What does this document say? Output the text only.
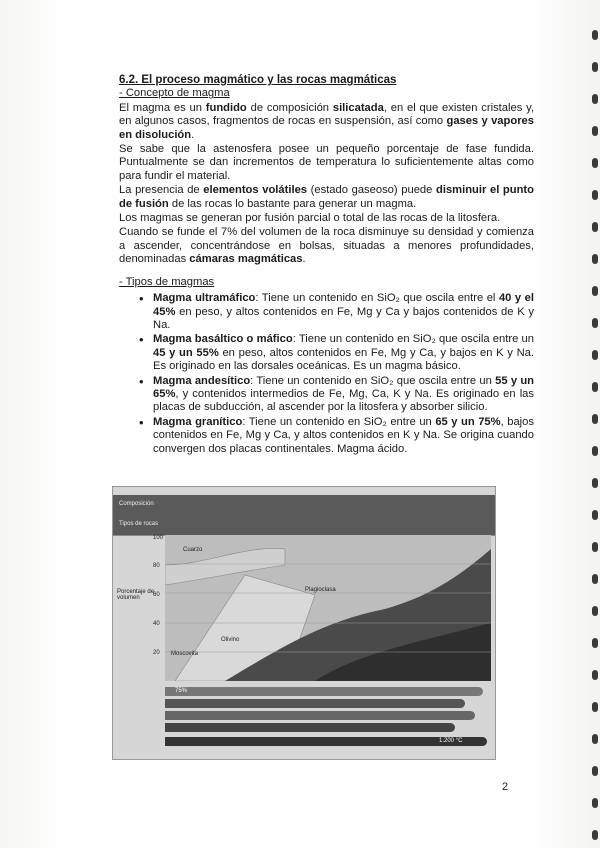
6.2. El proceso magmático y las rocas magmáticas
- Concepto de magma

El magma es un fundido de composición silicatada, en el que existen cristales y, en algunos casos, fragmentos de rocas en suspensión, así como gases y vapores en disolución.

Se sabe que la astenosfera posee un pequeño porcentaje de fase fundida. Puntualmente se dan incrementos de temperatura lo suficientemente altas como para fundir el material.

La presencia de elementos volátiles (estado gaseoso) puede disminuir el punto de fusión de las rocas lo bastante para generar un magma.

Los magmas se generan por fusión parcial o total de las rocas de la litosfera.

Cuando se funde el 7% del volumen de la roca disminuye su densidad y comienza a ascender, concentrándose en bolsas, situadas a menores profundidades, denominadas cámaras magmáticas.

- Tipos de magmas
• Magma ultramáfico: Tiene un contenido en SiO₂ que oscila entre el 40 y el 45% en peso, y altos contenidos en Fe, Mg y Ca y bajos contenidos de K y Na.
• Magma basáltico o máfico: Tiene un contenido en SiO₂ que oscila entre un 45 y un 55% en peso, altos contenidos en Fe, Mg y Ca, y bajos en K y Na. Es originado en las dorsales oceánicas. Es un magma básico.
• Magma andesítico: Tiene un contenido en SiO₂ que oscila entre un 55 y un 65%, y contenidos intermedios de Fe, Mg, Ca, K y Na. Es originado en las placas de subducción, al ascender por la litosfera y absorber silicio.
• Magma granítico: Tiene un contenido en SiO₂ entre un 65 y un 75%, bajos contenidos en Fe, Mg y Ca, y altos contenidos en K y Na. Se origina cuando convergen dos placas continentales. Magma ácido.
Composición
Tipos de rocas
Porcentaje de volumen
100
80
60
40
20
Cuarzo
Plagioclasa
Olivino
Moscovita
75%
1.200 °C
2
